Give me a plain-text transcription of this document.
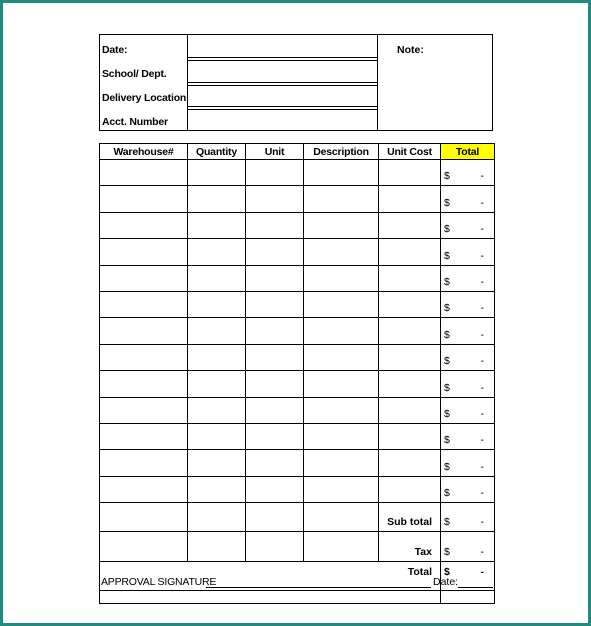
Date:
School/ Dept.
Delivery Location
Acct. Number
Note:
Warehouse#	Quantity	Unit	Description	Unit Cost	Total

					$ -

					$ -

					$ -

					$ -

					$ -

					$ -

					$ -

					$ -

					$ -

					$ -

					$ -

					$ -

					$ -

				Sub total	$ -

				Tax	$ -

				Total	$ -
APPROVAL SIGNATURE	Date:
